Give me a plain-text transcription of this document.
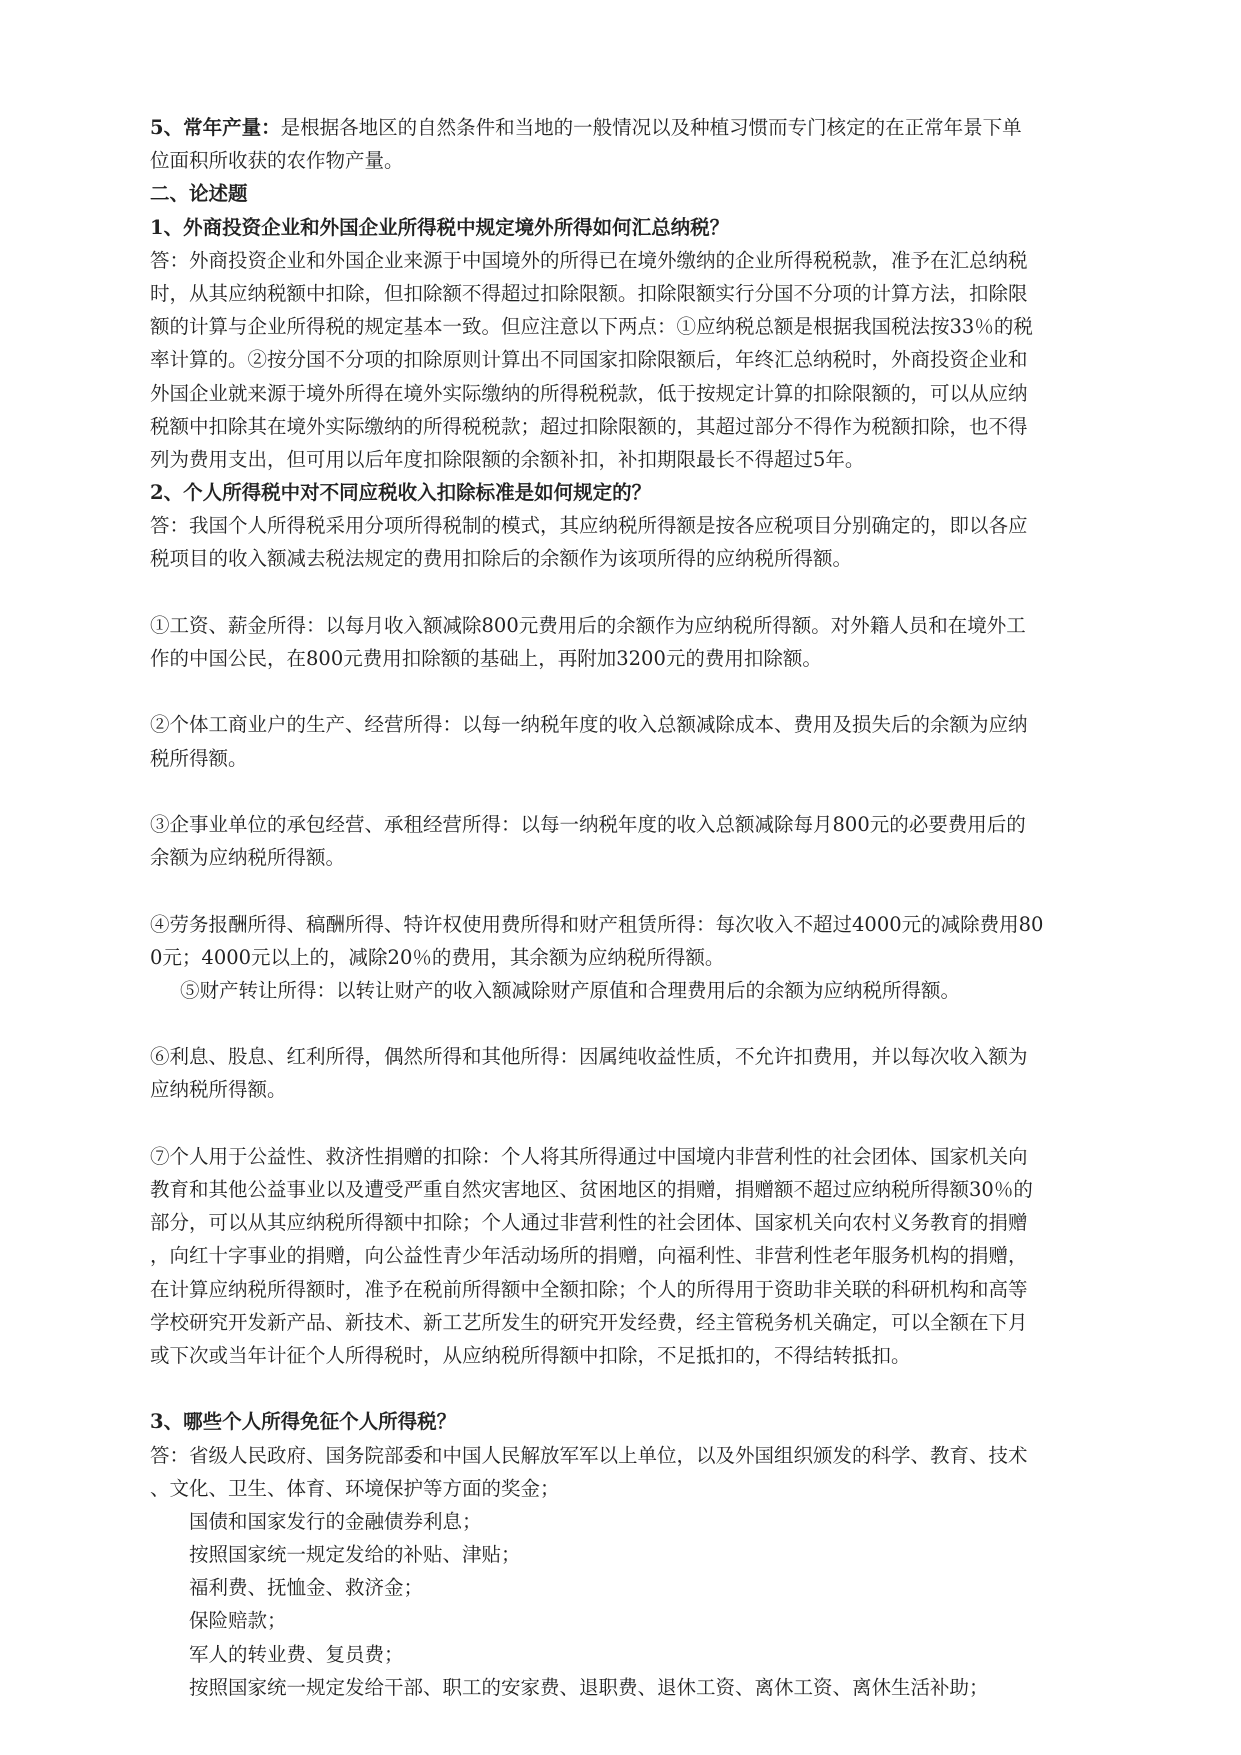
5、常年产量：是根据各地区的自然条件和当地的一般情况以及种植习惯而专门核定的在正常年景下单
位面积所收获的农作物产量。
二、论述题
1、外商投资企业和外国企业所得税中规定境外所得如何汇总纳税？
答：外商投资企业和外国企业来源于中国境外的所得已在境外缴纳的企业所得税税款，准予在汇总纳税
时，从其应纳税额中扣除，但扣除额不得超过扣除限额。扣除限额实行分国不分项的计算方法，扣除限
额的计算与企业所得税的规定基本一致。但应注意以下两点：①应纳税总额是根据我国税法按33％的税
率计算的。②按分国不分项的扣除原则计算出不同国家扣除限额后，年终汇总纳税时，外商投资企业和
外国企业就来源于境外所得在境外实际缴纳的所得税税款，低于按规定计算的扣除限额的，可以从应纳
税额中扣除其在境外实际缴纳的所得税税款；超过扣除限额的，其超过部分不得作为税额扣除，也不得
列为费用支出，但可用以后年度扣除限额的余额补扣，补扣期限最长不得超过5年。
2、个人所得税中对不同应税收入扣除标准是如何规定的？
答：我国个人所得税采用分项所得税制的模式，其应纳税所得额是按各应税项目分别确定的，即以各应
税项目的收入额减去税法规定的费用扣除后的余额作为该项所得的应纳税所得额。
①工资、薪金所得：以每月收入额减除800元费用后的余额作为应纳税所得额。对外籍人员和在境外工
作的中国公民，在800元费用扣除额的基础上，再附加3200元的费用扣除额。
②个体工商业户的生产、经营所得：以每一纳税年度的收入总额减除成本、费用及损失后的余额为应纳
税所得额。
③企事业单位的承包经营、承租经营所得：以每一纳税年度的收入总额减除每月800元的必要费用后的
余额为应纳税所得额。
④劳务报酬所得、稿酬所得、特许权使用费所得和财产租赁所得：每次收入不超过4000元的减除费用80
0元；4000元以上的，减除20％的费用，其余额为应纳税所得额。
⑤财产转让所得：以转让财产的收入额减除财产原值和合理费用后的余额为应纳税所得额。
⑥利息、股息、红利所得，偶然所得和其他所得：因属纯收益性质，不允许扣费用，并以每次收入额为
应纳税所得额。
⑦个人用于公益性、救济性捐赠的扣除：个人将其所得通过中国境内非营利性的社会团体、国家机关向
教育和其他公益事业以及遭受严重自然灾害地区、贫困地区的捐赠，捐赠额不超过应纳税所得额30％的
部分，可以从其应纳税所得额中扣除；个人通过非营利性的社会团体、国家机关向农村义务教育的捐赠
，向红十字事业的捐赠，向公益性青少年活动场所的捐赠，向福利性、非营利性老年服务机构的捐赠，
在计算应纳税所得额时，准予在税前所得额中全额扣除；个人的所得用于资助非关联的科研机构和高等
学校研究开发新产品、新技术、新工艺所发生的研究开发经费，经主管税务机关确定，可以全额在下月
或下次或当年计征个人所得税时，从应纳税所得额中扣除，不足抵扣的，不得结转抵扣。
3、哪些个人所得免征个人所得税？
答：省级人民政府、国务院部委和中国人民解放军军以上单位，以及外国组织颁发的科学、教育、技术
、文化、卫生、体育、环境保护等方面的奖金；
国债和国家发行的金融债券利息；
按照国家统一规定发给的补贴、津贴；
福利费、抚恤金、救济金；
保险赔款；
军人的转业费、复员费；
按照国家统一规定发给干部、职工的安家费、退职费、退休工资、离休工资、离休生活补助；
